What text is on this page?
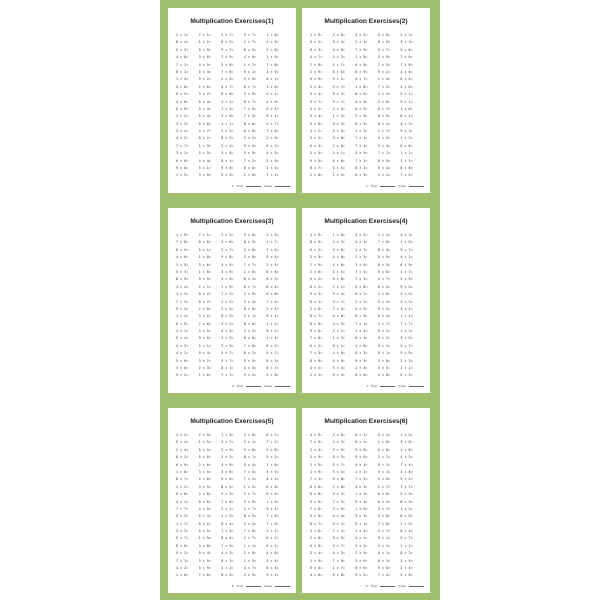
Multiplication Exercises(1)
2 × 1=	7 × 1=	5 × 7=	9 × 7=	1 × 8=
8 × 4=	1 × 2=	6 × 5=	2 × 7=	3 × 5=
5 × 3=	8 × 9=	9 × 7=	6 × 3=	2 × 8=
4 × 8=	3 × 6=	7 × 9=	4 × 6=	1 × 9=
7 × 2=	4 × 5=	5 × 8=	1 × 7=	7 × 8=
8 × 3=	6 × 4=	7 × 6=	9 × 1=	3 × 9=
1 × 4=	9 × 2=	2 × 5=	9 × 3=	6 × 1=
5 × 6=	2 × 6=	4 × 7=	6 × 7=	1 × 6=
9 × 5=	3 × 7=	8 × 8=	3 × 9=	5 × 1=
4 × 6=	6 × 4=	4 × 1=	8 × 7=	4 × 9=
6 × 9=	9 × 4=	1 × 3=	7 × 5=	8 × 4=
2 × 2=	5 × 4=	3 × 8=	7 × 3=	9 × 1=
3 × 3=	6 × 6=	1 × 1=	8 × 6=	5 × 7=
3 × 4=	4 × 7=	5 × 2=	6 × 8=	7 × 4=
4 × 2=	8 × 2=	8 × 5=	3 × 2=	2 × 9=
7 × 7=	1 × 3=	2 × 4=	9 × 4=	6 × 2=
3 × 1=	5 × 5=	3 × 8=	9 × 9=	4 × 3=
6 × 8=	4 × 4=	8 × 1=	7 × 2=	5 × 9=
9 × 8=	5 × 1=	9 × 6=	8 × 6=	2 × 5=
1 × 5=	9 × 9=	2 × 3=	1 × 6=	7 × 1=
1 Time	Score
Multiplication Exercises(2)
1 × 9=	3 × 6=	3 × 5=	5 × 8=	2 × 2=
6 × 2=	8 × 4=	2 × 4=	8 × 6=	3 × 3=
8 × 3=	4 × 8=	7 × 9=	9 × 7=	5 × 6=
4 × 7=	5 × 3=	1 × 8=	3 × 9=	7 × 6=
7 × 8=	2 × 7=	6 × 8=	7 × 5=	7 × 8=
2 × 9=	8 × 8=	6 × 9=	9 × 2=	4 × 6=
9 × 9=	3 × 1=	4 × 7=	1 × 4=	6 × 4=
5 × 4=	9 × 7=	1 × 8=	7 × 3=	2 × 6=
4 × 4=	8 × 2=	8 × 6=	2 × 3=	5 × 1=
3 × 7=	5 × 7=	4 × 9=	3 × 8=	9 × 1=
4 × 2=	4 × 5=	8 × 5=	6 × 7=	1 × 6=
9 × 4=	1 × 5=	5 × 9=	8 × 9=	6 × 1=
9 × 6=	8 × 3=	6 × 5=	8 × 2=	4 × 3=
3 × 2=	5 × 5=	1 × 3=	1 × 7=	9 × 3=
5 × 2=	9 × 8=	7 × 1=	4 × 3=	1 × 2=
6 × 3=	2 × 8=	7 × 4=	3 × 4=	6 × 6=
2 × 5=	4 × 1=	3 × 9=	7 × 7=	1 × 1=
9 × 5=	6 × 6=	7 × 2=	8 × 5=	2 × 1=
8 × 7=	4 × 5=	8 × 1=	5 × 4=	8 × 8=
2 × 8=	1 × 5=	6 × 9=	3 × 2=	7 × 5=
2 Time	Score
Multiplication Exercises(3)
1 × 9=	7 × 1=	2 × 5=	9 × 6=	2 × 3=
7 × 8=	6 × 6=	4 × 8=	8 × 3=	1 × 7=
8 × 5=	6 × 1=	2 × 7=	3 × 8=	7 × 5=
4 × 6=	1 × 8=	9 × 8=	5 × 8=	6 × 4=
1 × 5=	3 × 6=	4 × 5=	7 × 7=	2 × 4=
5 × 3=	1 × 6=	3 × 9=	2 × 6=	6 × 8=
8 × 9=	9 × 9=	4 × 9=	8 × 1=	6 × 3=
3 × 4=	2 × 1=	7 × 9=	6 × 7=	8 × 4=
1 × 3=	8 × 2=	7 × 2=	2 × 9=	8 × 6=
7 × 3=	8 × 7=	2 × 5=	3 × 4=	7 × 4=
9 × 3=	2 × 8=	5 × 5=	8 × 6=	2 × 4=
1 × 4=	3 × 2=	6 × 5=	3 × 1=	9 × 1=
6 × 9=	7 × 6=	5 × 2=	8 × 8=	1 × 2=
4 × 1=	3 × 5=	4 × 4=	2 × 2=	9 × 2=
5 × 4=	9 × 6=	5 × 9=	6 × 6=	1 × 1=
4 × 3=	5 × 1=	3 × 3=	7 × 8=	8 × 2=
4 × 2=	9 × 4=	5 × 7=	6 × 2=	9 × 7=
5 × 6=	3 × 7=	4 × 7=	9 × 5=	8 × 3=
1 × 8=	2 × 3=	8 × 1=	4 × 5=	6 × 7=
9 × 2=	1 × 6=	7 × 1=	3 × 2=	5 × 8=
3 Time	Score
Multiplication Exercises(4)
3 × 9=	1 × 8=	3 × 5=	2 × 4=	4 × 3=
8 × 5=	2 × 3=	4 × 4=	7 × 8=	1 × 9=
6 × 2=	5 × 6=	1 × 7=	8 × 4=	9 × 7=
3 × 3=	6 × 8=	2 × 5=	5 × 9=	4 × 1=
7 × 9=	4 × 6=	3 × 6=	8 × 3=	6 × 9=
2 × 6=	1 × 5=	7 × 4=	9 × 6=	1 × 7=
5 × 2=	8 × 6=	7 × 2=	4 × 7=	2 × 9=
8 × 2=	2 × 1=	5 × 8=	6 × 5=	9 × 5=
9 × 3=	5 × 4=	6 × 7=	2 × 8=	4 × 5=
6 × 1=	3 × 7=	2 × 2=	5 × 3=	4 × 2=
1 × 6=	7 × 5=	5 × 5=	9 × 3=	3 × 4=
8 × 7=	6 × 6=	8 × 9=	6 × 4=	1 × 1=
8 × 9=	4 × 9=	7 × 1=	2 × 7=	7 × 7=
9 × 8=	3 × 1=	1 × 4=	9 × 2=	1 × 2=
7 × 6=	1 × 3=	6 × 3=	3 × 2=	3 × 5=
6 × 2=	8 × 1=	4 × 8=	9 × 1=	5 × 7=
7 × 3=	4 × 6=	8 × 3=	5 × 1=	9 × 9=
8 × 8=	5 × 9=	9 × 4=	3 × 8=	2 × 3=
4 × 2=	3 × 4=	2 × 5=	3 × 3=	1 × 2=
2 × 1=	8 × 5=	8 × 6=	4 × 8=	6 × 3=
4 Time	Score
Multiplication Exercises(5)
4 × 2=	2 × 9=	1 × 3=	3 × 8=	6 × 7=
9 × 4=	1 × 5=	4 × 7=	3 × 1=	7 × 2=
2 × 4=	6 × 5=	2 × 3=	9 × 6=	5 × 8=
8 × 3=	6 × 6=	3 × 2=	8 × 1=	9 × 2=
6 × 9=	2 × 6=	4 × 9=	5 × 4=	1 × 6=
1 × 8=	3 × 5=	3 × 6=	7 × 4=	5 × 9=
8 × 7=	4 × 6=	5 × 6=	7 × 1=	4 × 4=
2 × 2=	3 × 9=	8 × 5=	1 × 2=	6 × 8=
9 × 8=	2 × 8=	9 × 3=	5 × 7=	9 × 5=
4 × 1=	8 × 6=	7 × 6=	9 × 9=	1 × 3=
7 × 7=	4 × 5=	5 × 1=	3 × 7=	9 × 1=
5 × 3=	6 × 3=	2 × 5=	8 × 9=	7 × 5=
1 × 7=	8 × 2=	6 × 4=	3 × 4=	7 × 9=
3 × 3=	5 × 5=	1 × 4=	7 × 8=	2 × 1=
9 × 7=	1 × 9=	8 × 4=	2 × 7=	6 × 2=
8 × 8=	4 × 8=	7 × 3=	1 × 1=	6 × 1=
5 × 2=	9 × 4=	4 × 3=	5 × 6=	4 × 6=
7 × 1=	3 × 9=	8 × 3=	1 × 5=	3 × 4=
4 × 2=	6 × 9=	2 × 2=	4 × 7=	6 × 5=
1 × 6=	7 × 6=	8 × 5=	2 × 9=	9 × 1=
5 Time	Score
Multiplication Exercises(6)
4 × 9=	3 × 6=	6 × 1=	5 × 4=	1 × 5=
7 × 9=	2 × 3=	8 × 2=	1 × 8=	3 × 8=
2 × 4=	5 × 9=	9 × 8=	6 × 6=	4 × 6=
2 × 9=	8 × 5=	9 × 6=	2 × 7=	4 × 3=
3 × 5=	6 × 7=	4 × 4=	8 × 1=	7 × 4=
1 × 9=	9 × 3=	2 × 2=	3 × 1=	3 × 8=
7 × 1=	8 × 8=	7 × 2=	5 × 5=	9 × 2=
8 × 6=	2 × 8=	4 × 5=	1 × 7=	7 × 7=
6 × 6=	6 × 2=	1 × 3=	6 × 8=	5 × 3=
3 × 9=	7 × 5=	9 × 4=	6 × 5=	8 × 3=
7 × 6=	9 × 9=	1 × 6=	3 × 7=	1 × 2=
9 × 5=	6 × 4=	3 × 3=	5 × 8=	6 × 9=
8 × 7=	5 × 2=	9 × 1=	7 × 8=	2 × 5=
5 × 6=	7 × 3=	1 × 4=	4 × 7=	8 × 4=
2 × 6=	8 × 9=	4 × 2=	5 × 1=	9 × 7=
4 × 8=	5 × 7=	3 × 2=	2 × 1=	1 × 1=
3 × 4=	6 × 3=	2 × 9=	4 × 1=	8 × 3=
1 × 9=	7 × 9=	3 × 6=	6 × 1=	3 × 5=
5 × 4=	1 × 7=	8 × 6=	9 × 8=	2 × 4=
4 × 6=	6 × 8=	9 × 2=	7 × 4=	5 × 8=
6 Time	Score
